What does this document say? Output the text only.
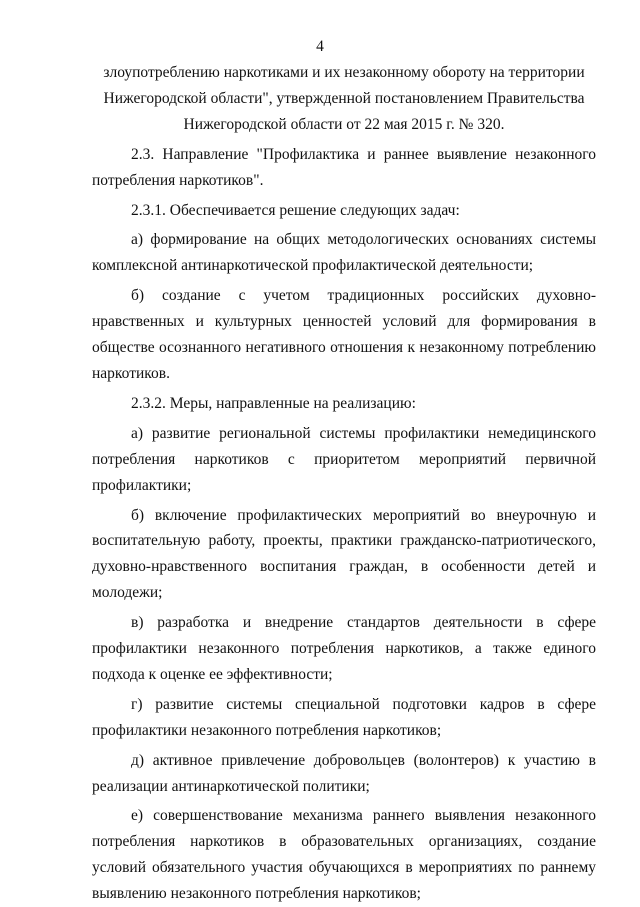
4

злоупотреблению наркотиками и их незаконному обороту на территории Нижегородской области", утвержденной постановлением Правительства Нижегородской области от 22 мая 2015 г. № 320.

2.3. Направление "Профилактика и раннее выявление незаконного потребления наркотиков".

2.3.1. Обеспечивается решение следующих задач:

а) формирование на общих методологических основаниях системы комплексной антинаркотической профилактической деятельности;

б) создание с учетом традиционных российских духовно-нравственных и культурных ценностей условий для формирования в обществе осознанного негативного отношения к незаконному потреблению наркотиков.

2.3.2. Меры, направленные на реализацию:

а) развитие региональной системы профилактики немедицинского потребления наркотиков с приоритетом мероприятий первичной профилактики;

б) включение профилактических мероприятий во внеурочную и воспитательную работу, проекты, практики гражданско-патриотического, духовно-нравственного воспитания граждан, в особенности детей и молодежи;

в) разработка и внедрение стандартов деятельности в сфере профилактики незаконного потребления наркотиков, а также единого подхода к оценке ее эффективности;

г) развитие системы специальной подготовки кадров в сфере профилактики незаконного потребления наркотиков;

д) активное привлечение добровольцев (волонтеров) к участию в реализации антинаркотической политики;

е) совершенствование механизма раннего выявления незаконного потребления наркотиков в образовательных организациях, создание условий обязательного участия обучающихся в мероприятиях по раннему выявлению незаконного потребления наркотиков;
